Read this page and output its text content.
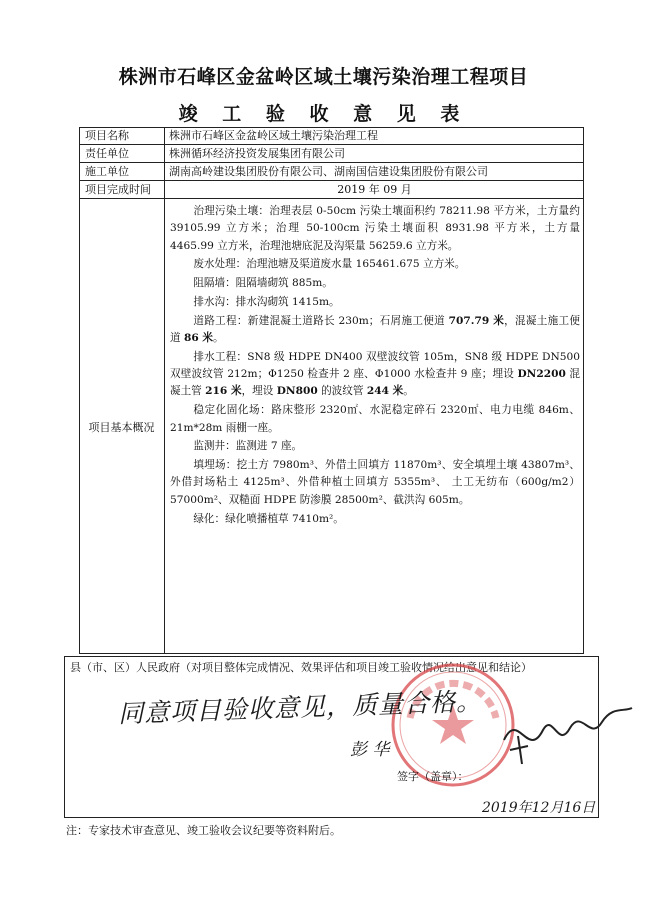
株洲市石峰区金盆岭区域土壤污染治理工程项目
竣 工 验 收 意 见 表
项目名称	株洲市石峰区金盆岭区域土壤污染治理工程
责任单位	株洲循环经济投资发展集团有限公司
施工单位	湖南高岭建设集团股份有限公司、湖南国信建设集团股份有限公司
项目完成时间	2019 年 09 月
项目基本概况

治理污染土壤：治理表层 0-50cm 污染土壤面积约 78211.98 平方米，土方量约 39105.99 立方米；治理 50-100cm 污染土壤面积 8931.98 平方米，土方量 4465.99 立方米，治理池塘底泥及沟渠量 56259.6 立方米。

废水处理：治理池塘及渠道废水量 165461.675 立方米。

阻隔墙：阻隔墙砌筑 885m。

排水沟：排水沟砌筑 1415m。

道路工程：新建混凝土道路长 230m；石屑施工便道 707.79 米，混凝土施工便道 86 米。

排水工程：SN8 级 HDPE DN400 双壁波纹管 105m，SN8 级 HDPE DN500 双壁波纹管 212m；Φ1250 检查井 2 座、Φ1000 水检查井 9 座；埋设 DN2200 混凝土管 216 米，埋设 DN800 的波纹管 244 米。

稳定化固化场：路床整形 2320㎡、水泥稳定碎石 2320㎡、电力电缆 846m、21m*28m 雨棚一座。

监测井：监测进 7 座。

填埋场：挖土方 7980m³、外借土回填方 11870m³、安全填埋土壤 43807m³、外借封场粘土 4125m³、外借种植土回填方 5355m³、 土工无纺布（600g/m2）57000m²、双糙面 HDPE 防渗膜 28500m²、截洪沟 605m。

绿化：绿化喷播植草 7410m²。

县（市、区）人民政府（对项目整体完成情况、效果评估和项目竣工验收情况给出意见和结论）
同意项目验收意见，质量合格。
彭 华
签字（盖章）：
2019年12月16日
注：专家技术审查意见、竣工验收会议纪要等资料附后。
